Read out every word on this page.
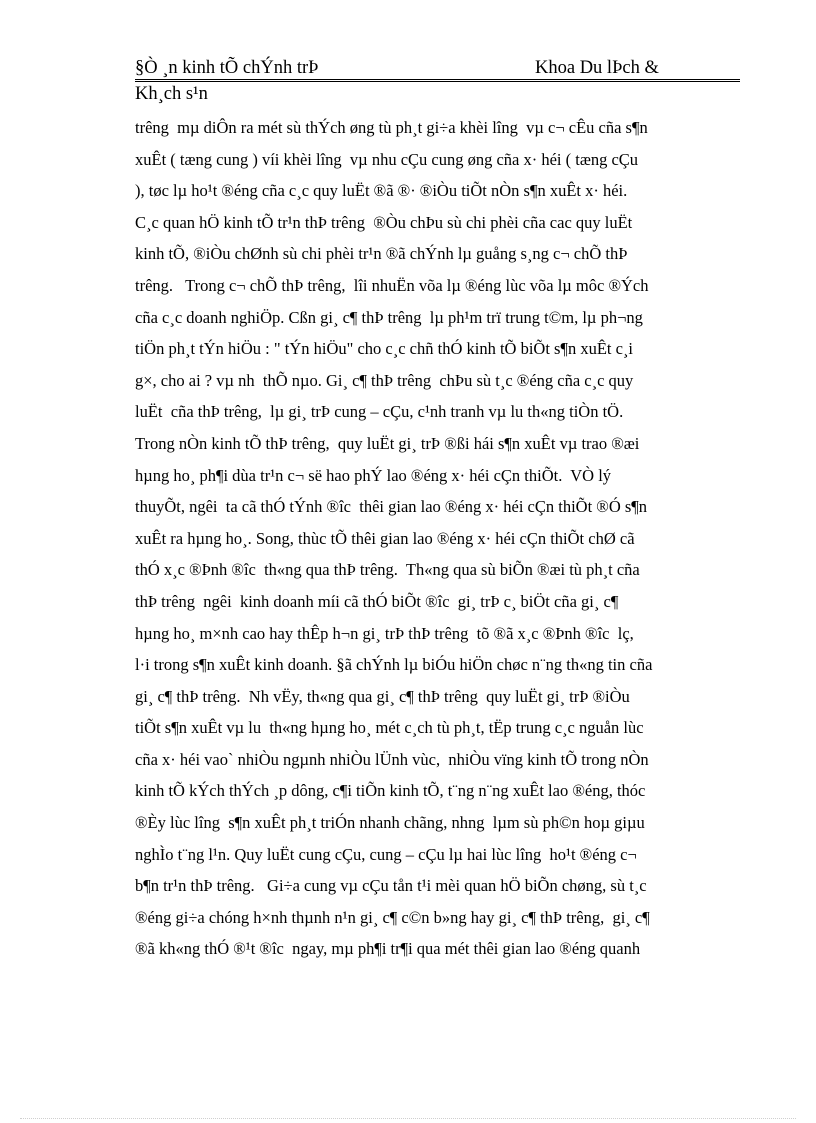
§Ò ¸n kinh tÕ chÝnh trÞ	Khoa Du lÞch &
Kh¸ch s¹n
trêng  mµ diÔn ra mét sù thÝch øng tù ph¸t gi÷a khèi lîng  vµ c¬ cÊu cña s¶n
xuÊt ( tæng cung ) víi khèi lîng  vµ nhu cÇu cung øng cña x· héi ( tæng cÇu
), tøc lµ ho¹t ®éng cña c¸c quy luËt ®ã ®· ®iÒu tiÕt nÒn s¶n xuÊt x· héi.
C¸c quan hÖ kinh tÕ tr¹n thÞ trêng  ®Òu chÞu sù chi phèi cña cac quy luËt
kinh tÕ, ®iÒu chØnh sù chi phèi tr¹n ®ã chÝnh lµ guång s¸ng c¬ chÕ thÞ
trêng.   Trong c¬ chÕ thÞ trêng,  lîi nhuËn võa lµ ®éng lùc võa lµ môc ®Ých
cña c¸c doanh nghiÖp. Cßn gi¸ c¶ thÞ trêng  lµ ph¹m trï trung t©m, lµ ph¬ng
tiÖn ph¸t tÝn hiÖu : " tÝn hiÖu" cho c¸c chñ thÓ kinh tÕ biÕt s¶n xuÊt c¸i
g×, cho ai ? vµ nh  thÕ nµo. Gi¸ c¶ thÞ trêng  chÞu sù t¸c ®éng cña c¸c quy
luËt  cña thÞ trêng,  lµ gi¸ trÞ cung – cÇu, c¹nh tranh vµ lu th«ng tiÒn tÖ.
Trong nÒn kinh tÕ thÞ trêng,  quy luËt gi¸ trÞ ®ßi hái s¶n xuÊt vµ trao ®æi
hµng ho¸ ph¶i dùa tr¹n c¬ së hao phÝ lao ®éng x· héi cÇn thiÕt.  VÒ lý
thuyÕt, ngêi  ta cã thÓ tÝnh ®îc  thêi gian lao ®éng x· héi cÇn thiÕt ®Ó s¶n
xuÊt ra hµng ho¸. Song, thùc tÕ thêi gian lao ®éng x· héi cÇn thiÕt chØ cã
thÓ x¸c ®Þnh ®îc  th«ng qua thÞ trêng.  Th«ng qua sù biÕn ®æi tù ph¸t cña
thÞ trêng  ngêi  kinh doanh míi cã thÓ biÕt ®îc  gi¸ trÞ c¸ biÖt cña gi¸ c¶
hµng ho¸ m×nh cao hay thÊp h¬n gi¸ trÞ thÞ trêng  tõ ®ã x¸c ®Þnh ®îc  lç,
l·i trong s¶n xuÊt kinh doanh. §ã chÝnh lµ biÓu hiÖn chøc n¨ng th«ng tin cña
gi¸ c¶ thÞ trêng.  Nh vËy, th«ng qua gi¸ c¶ thÞ trêng  quy luËt gi¸ trÞ ®iÒu
tiÕt s¶n xuÊt vµ lu  th«ng hµng ho¸ mét c¸ch tù ph¸t, tËp trung c¸c nguån lùc
cña x· héi vao` nhiÒu ngµnh nhiÒu lÜnh vùc,  nhiÒu vïng kinh tÕ trong nÒn
kinh tÕ kÝch thÝch ¸p dông, c¶i tiÕn kinh tÕ, t¨ng n¨ng xuÊt lao ®éng, thóc
®Èy lùc lîng  s¶n xuÊt ph¸t triÓn nhanh chãng, nhng  lµm sù ph©n hoµ giµu
nghÌo t¨ng l¹n. Quy luËt cung cÇu, cung – cÇu lµ hai lùc lîng  ho¹t ®éng c¬
b¶n tr¹n thÞ trêng.   Gi÷a cung vµ cÇu tån t¹i mèi quan hÖ biÕn chøng, sù t¸c
®éng gi÷a chóng h×nh thµnh n¹n gi¸ c¶ c©n b»ng hay gi¸ c¶ thÞ trêng,  gi¸ c¶
®ã kh«ng thÓ ®¹t ®îc  ngay, mµ ph¶i tr¶i qua mét thêi gian lao ®éng quanh
